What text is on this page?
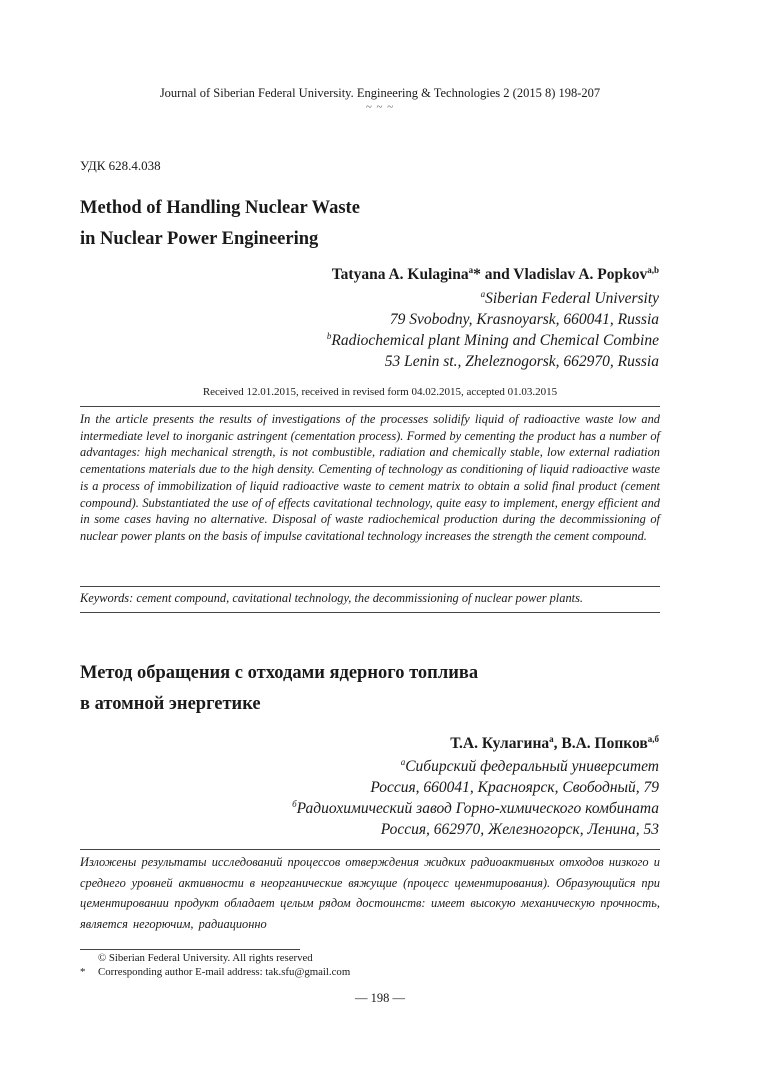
Journal of Siberian Federal University. Engineering & Technologies 2 (2015 8) 198-207
~ ~ ~
УДК 628.4.038
Method of Handling Nuclear Waste
in Nuclear Power Engineering
Tatyana A. Kulagina$^a$* and Vladislav A. Popkov$^{a,b}$
$^a$Siberian Federal University
79 Svobodny, Krasnoyarsk, 660041, Russia
$^b$Radiochemical plant Mining and Chemical Combine
53 Lenin st., Zheleznogorsk, 662970, Russia
Received 12.01.2015, received in revised form 04.02.2015, accepted 01.03.2015

In the article presents the results of investigations of the processes solidify liquid of radioactive waste low and intermediate level to inorganic astringent (cementation process). Formed by cementing the product has a number of advantages: high mechanical strength, is not combustible, radiation and chemically stable, low external radiation cementations materials due to the high density. Cementing of technology as conditioning of liquid radioactive waste is a process of immobilization of liquid radioactive waste to cement matrix to obtain a solid final product (cement compound). Substantiated the use of of effects cavitational technology, quite easy to implement, energy efficient and in some cases having no alternative. Disposal of waste radiochemical production during the decommissioning of nuclear power plants on the basis of impulse cavitational technology increases the strength the cement compound.

Keywords: cement compound, cavitational technology, the decommissioning of nuclear power plants.
Метод обращения с отходами ядерного топлива
в атомной энергетике
Т.А. Кулагина$^а$, В.А. Попков$^{а,б}$
$^а$Сибирский федеральный университет
Россия, 660041, Красноярск, Свободный, 79
$^б$Радиохимический завод Горно-химического комбината
Россия, 662970, Железногорск, Ленина, 53

Изложены результаты исследований процессов отверждения жидких радиоактивных отходов низкого и среднего уровней активности в неорганические вяжущие (процесс цементирования). Образующийся при цементировании продукт обладает целым рядом достоинств: имеет высокую механическую прочность, является негорючим, радиационно

© Siberian Federal University. All rights reserved
* Corresponding author E-mail address: tak.sfu@gmail.com
— 198 —
